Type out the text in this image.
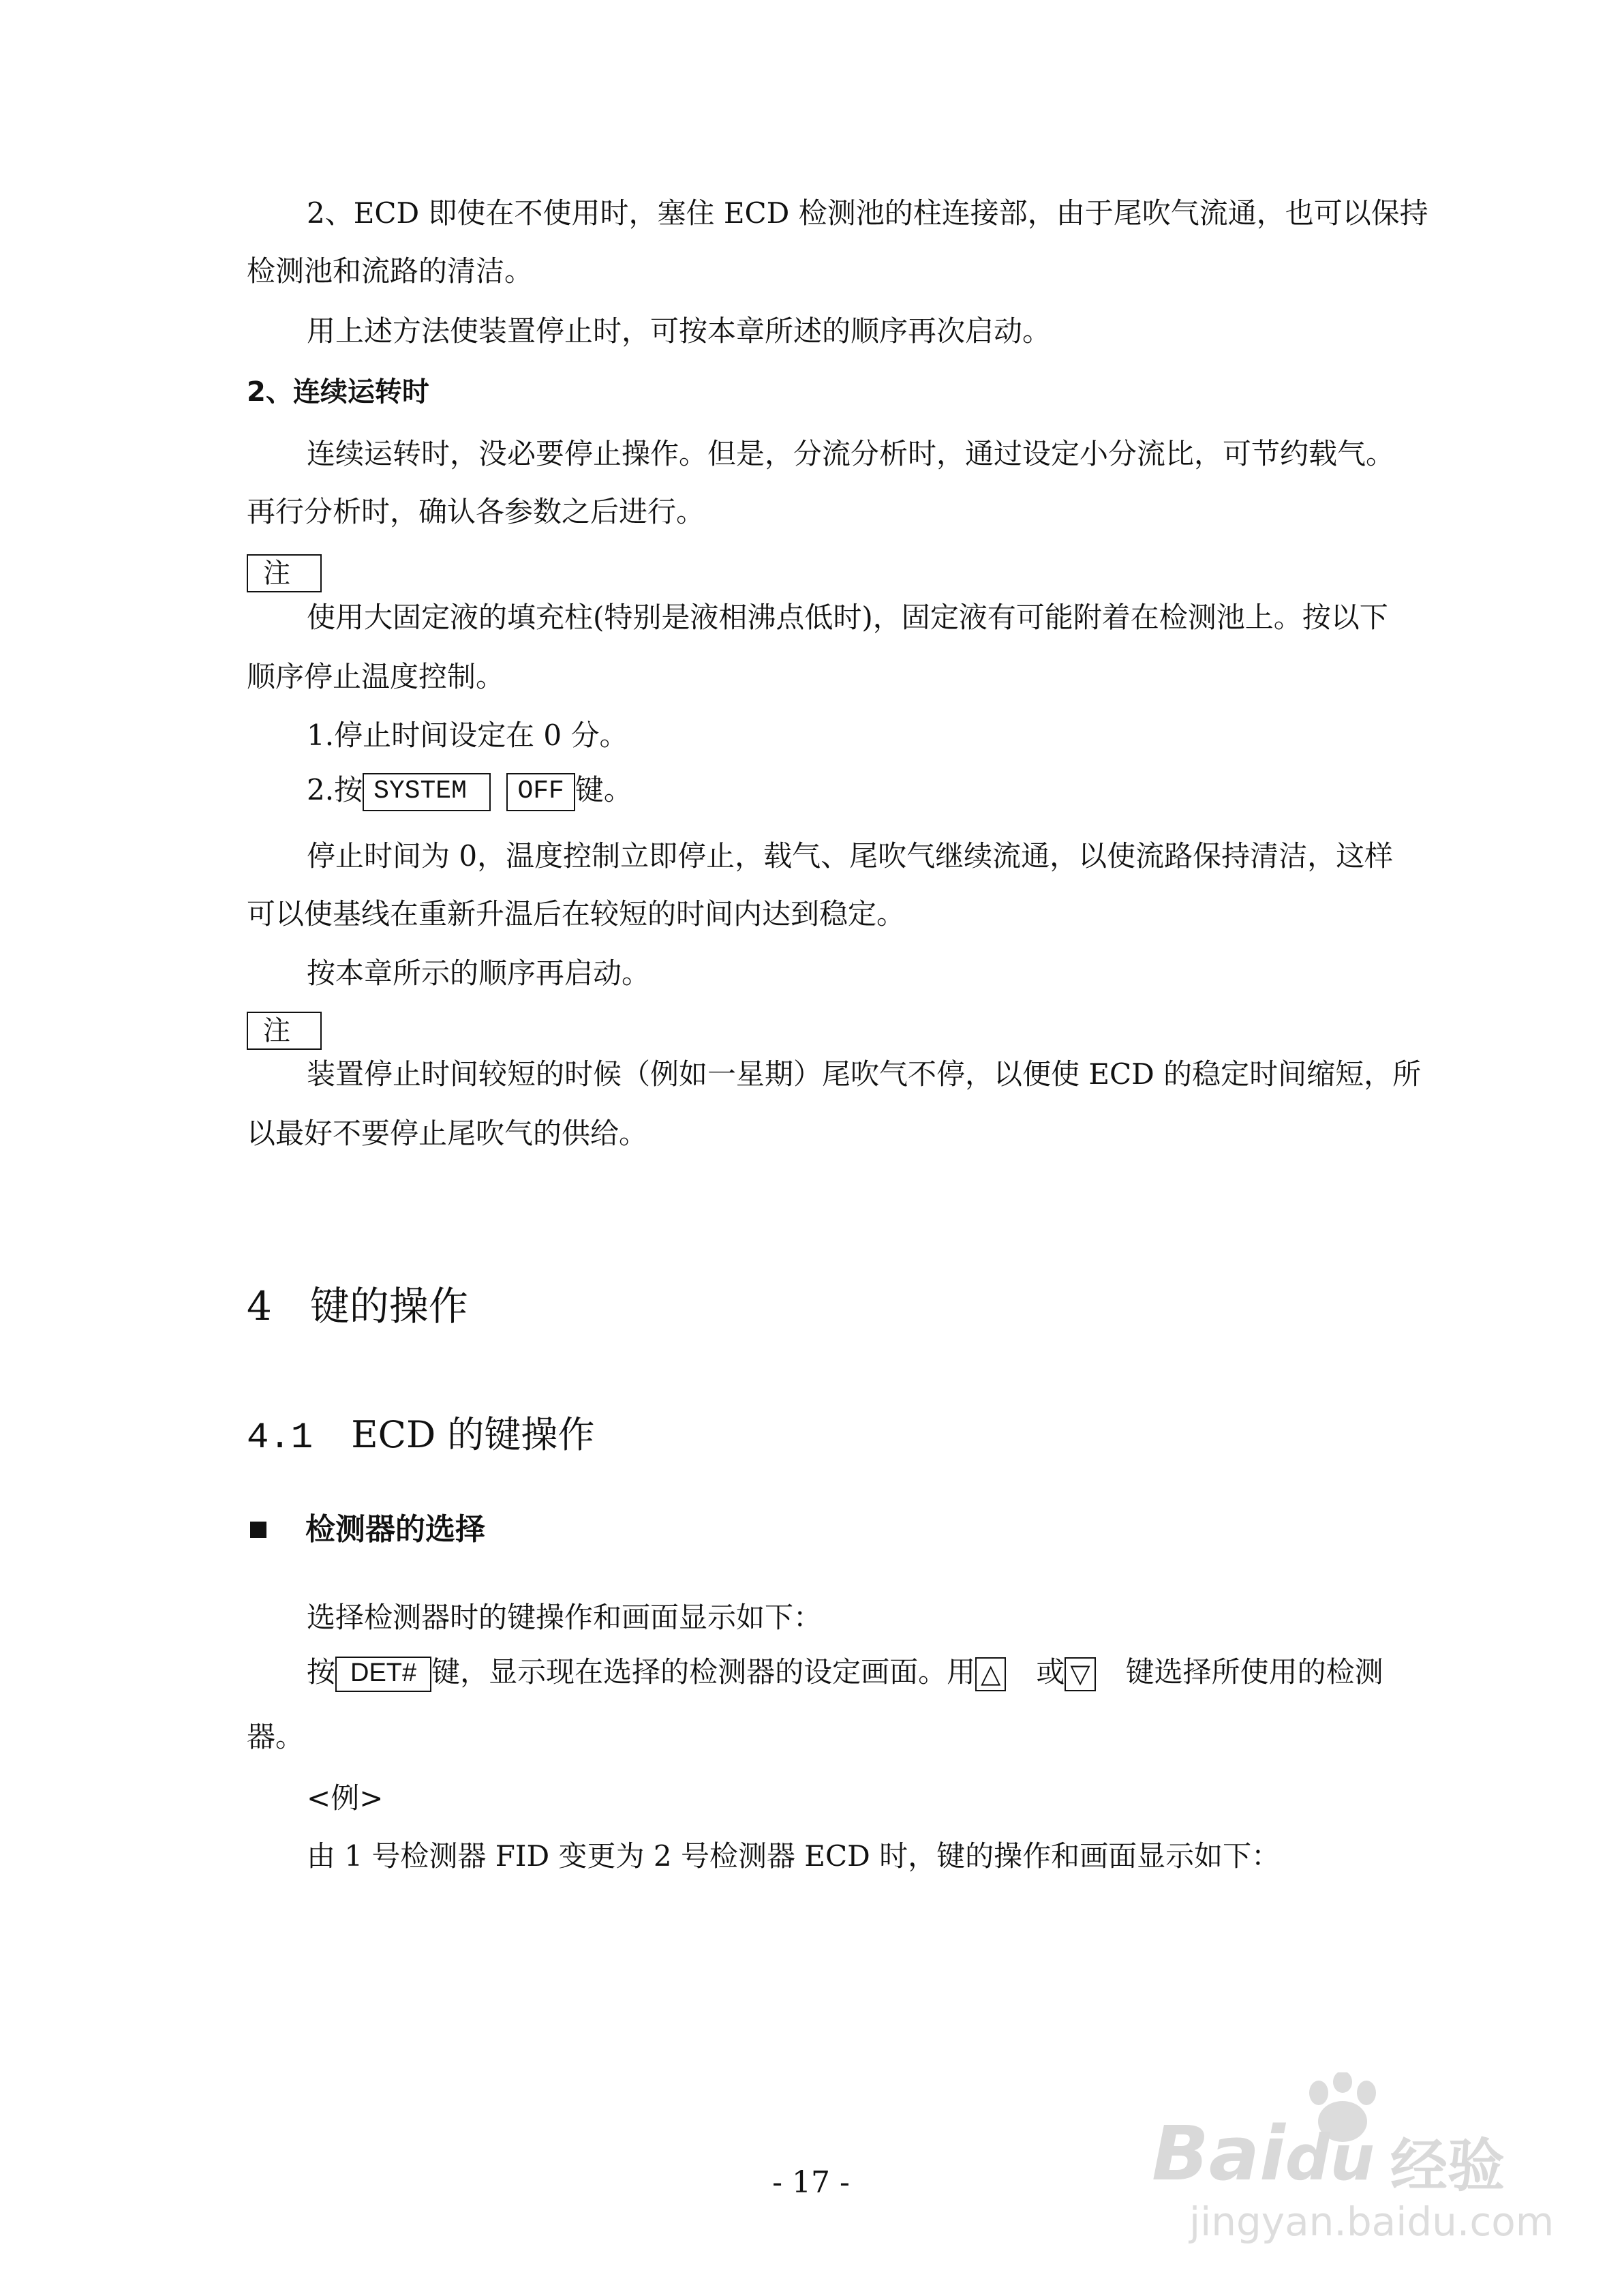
2、ECD 即使在不使用时，塞住 ECD 检测池的柱连接部，由于尾吹气流通，也可以保持
检测池和流路的清洁。
用上述方法使装置停止时，可按本章所述的顺序再次启动。
2、连续运转时
连续运转时，没必要停止操作。但是，分流分析时，通过设定小分流比，可节约载气。
再行分析时，确认各参数之后进行。
注
使用大固定液的填充柱(特别是液相沸点低时)，固定液有可能附着在检测池上。按以下
顺序停止温度控制。
1.停止时间设定在 0 分。
2.按 SYSTEM OFF 键。
停止时间为 0，温度控制立即停止，载气、尾吹气继续流通，以使流路保持清洁，这样
可以使基线在重新升温后在较短的时间内达到稳定。
按本章所示的顺序再启动。
注
装置停止时间较短的时候（例如一星期）尾吹气不停，以便使 ECD 的稳定时间缩短，所
以最好不要停止尾吹气的供给。
4 键的操作
4.1 ECD 的键操作
检测器的选择
选择检测器时的键操作和画面显示如下：
按 DET# 键，显示现在选择的检测器的设定画面。用 △ 或 ▽ 键选择所使用的检测
器。
<例>
由 1 号检测器 FID 变更为 2 号检测器 ECD 时，键的操作和画面显示如下：
- 17 -	Baidu 经验
jingyan.baidu.com
